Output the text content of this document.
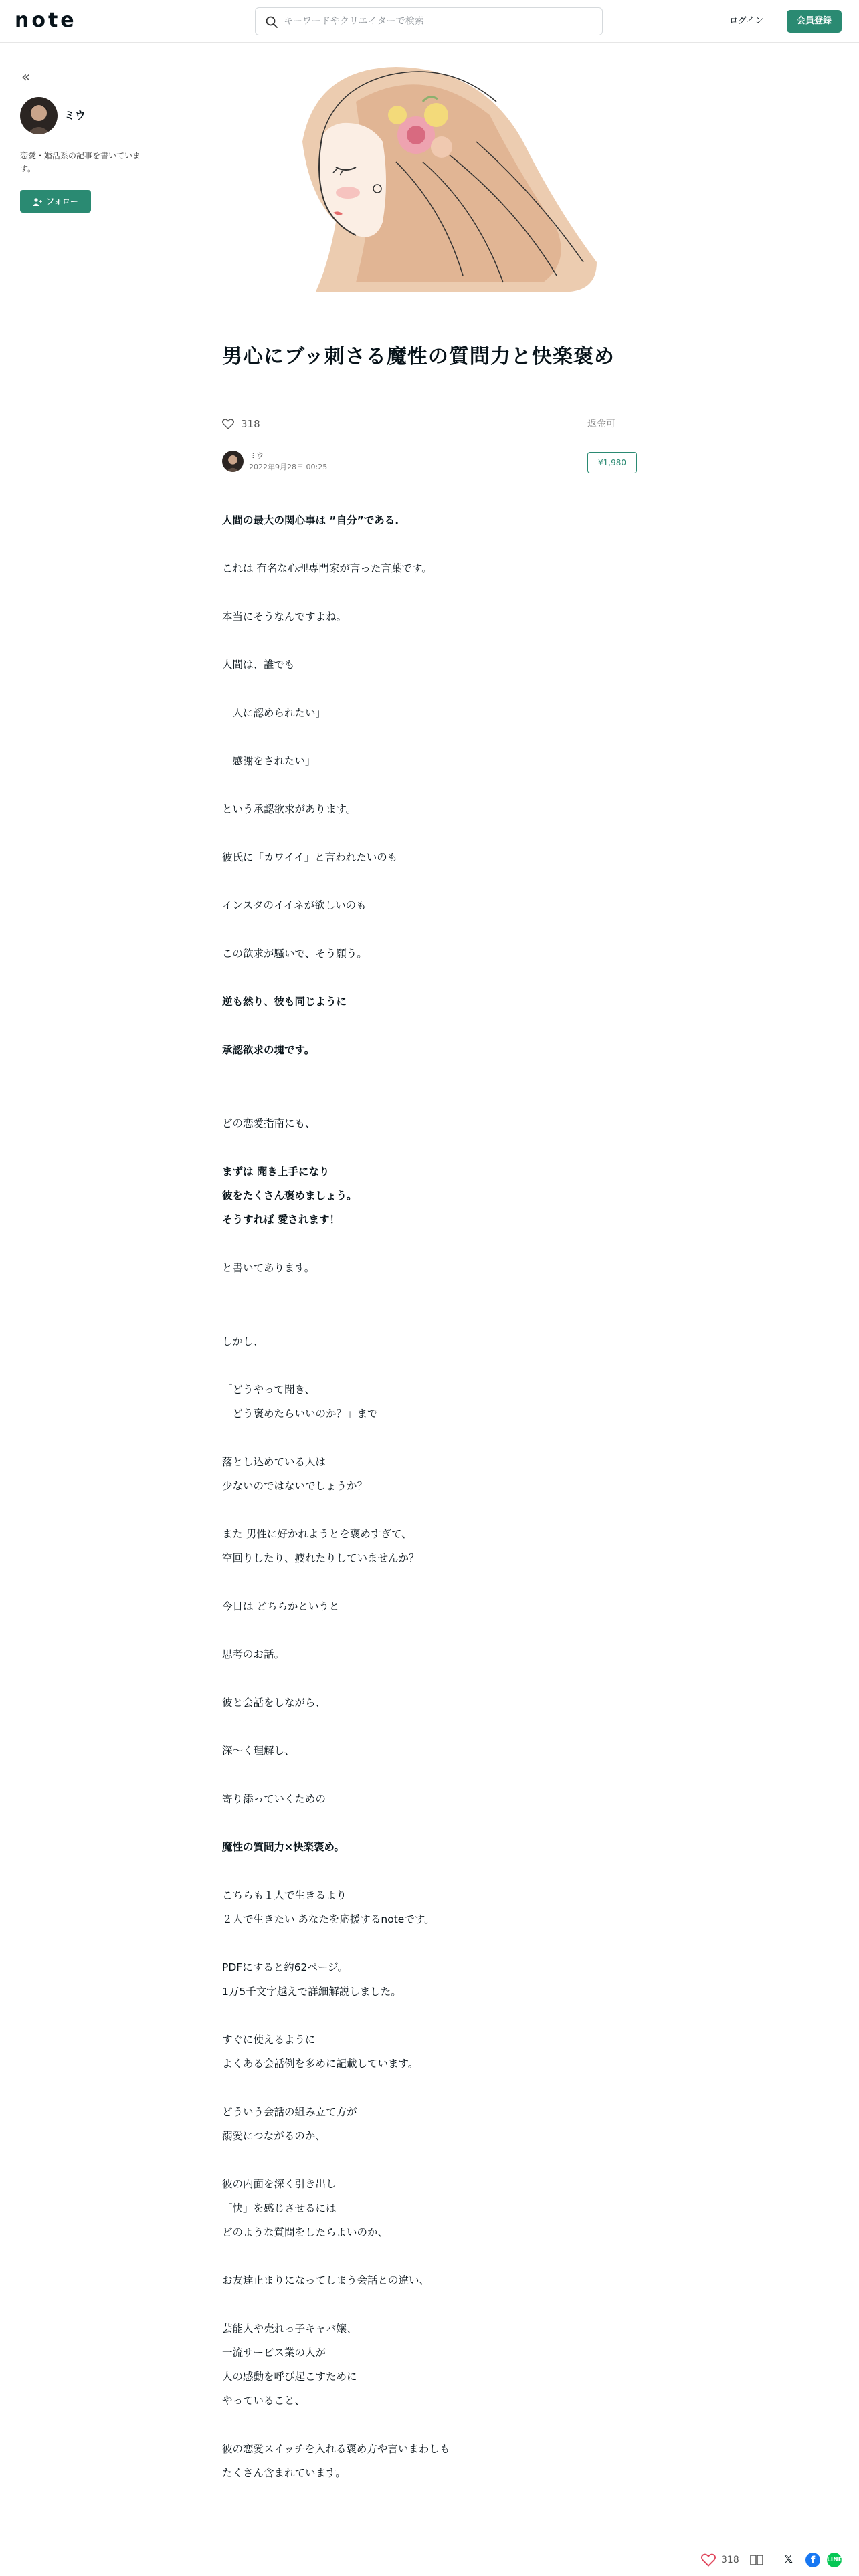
note
キーワードやクリエイターで検索	ログイン	会員登録
«
ミウ
恋愛・婚活系の記事を書いています。
フォロー
男心にブッ刺さる魔性の質問力と快楽褒め
318	返金可
ミウ
2022年9月28日 00:25	¥1,980
人間の最大の関心事は ”自分”である.
これは 有名な心理専門家が言った言葉です。
本当にそうなんですよね。
人間は、誰でも
「人に認められたい」
「感謝をされたい」
という承認欲求があります。
彼氏に「カワイイ」と言われたいのも
インスタのイイネが欲しいのも
この欲求が騒いで、そう願う。
逆も然り、彼も同じように
承認欲求の塊です。
どの恋愛指南にも、
まずは 聞き上手になり
彼をたくさん褒めましょう。
そうすれば 愛されます！
と書いてあります。
しかし、
「どうやって聞き、
　どう褒めたらいいのか？」まで
落とし込めている人は
少ないのではないでしょうか？
また 男性に好かれようとを褒めすぎて、
空回りしたり、疲れたりしていませんか？
今日は どちらかというと
思考のお話。
彼と会話をしながら、
深〜く理解し、
寄り添っていくための
魔性の質問力×快楽褒め。
こちらも１人で生きるより
２人で生きたい あなたを応援するnoteです。
PDFにすると約62ページ。
1万5千文字越えで詳細解説しました。
すぐに使えるように
よくある会話例を多めに記載しています。
どういう会話の組み立て方が
溺愛につながるのか、
彼の内面を深く引き出し
「快」を感じさせるには
どのような質問をしたらよいのか、
お友達止まりになってしまう会話との違い、
芸能人や売れっ子キャバ嬢、
一流サービス業の人が
人の感動を呼び起こすために
やっていること、
彼の恋愛スイッチを入れる褒め方や言いまわしも
たくさん含まれています。
318	𝕏	f	LINE
